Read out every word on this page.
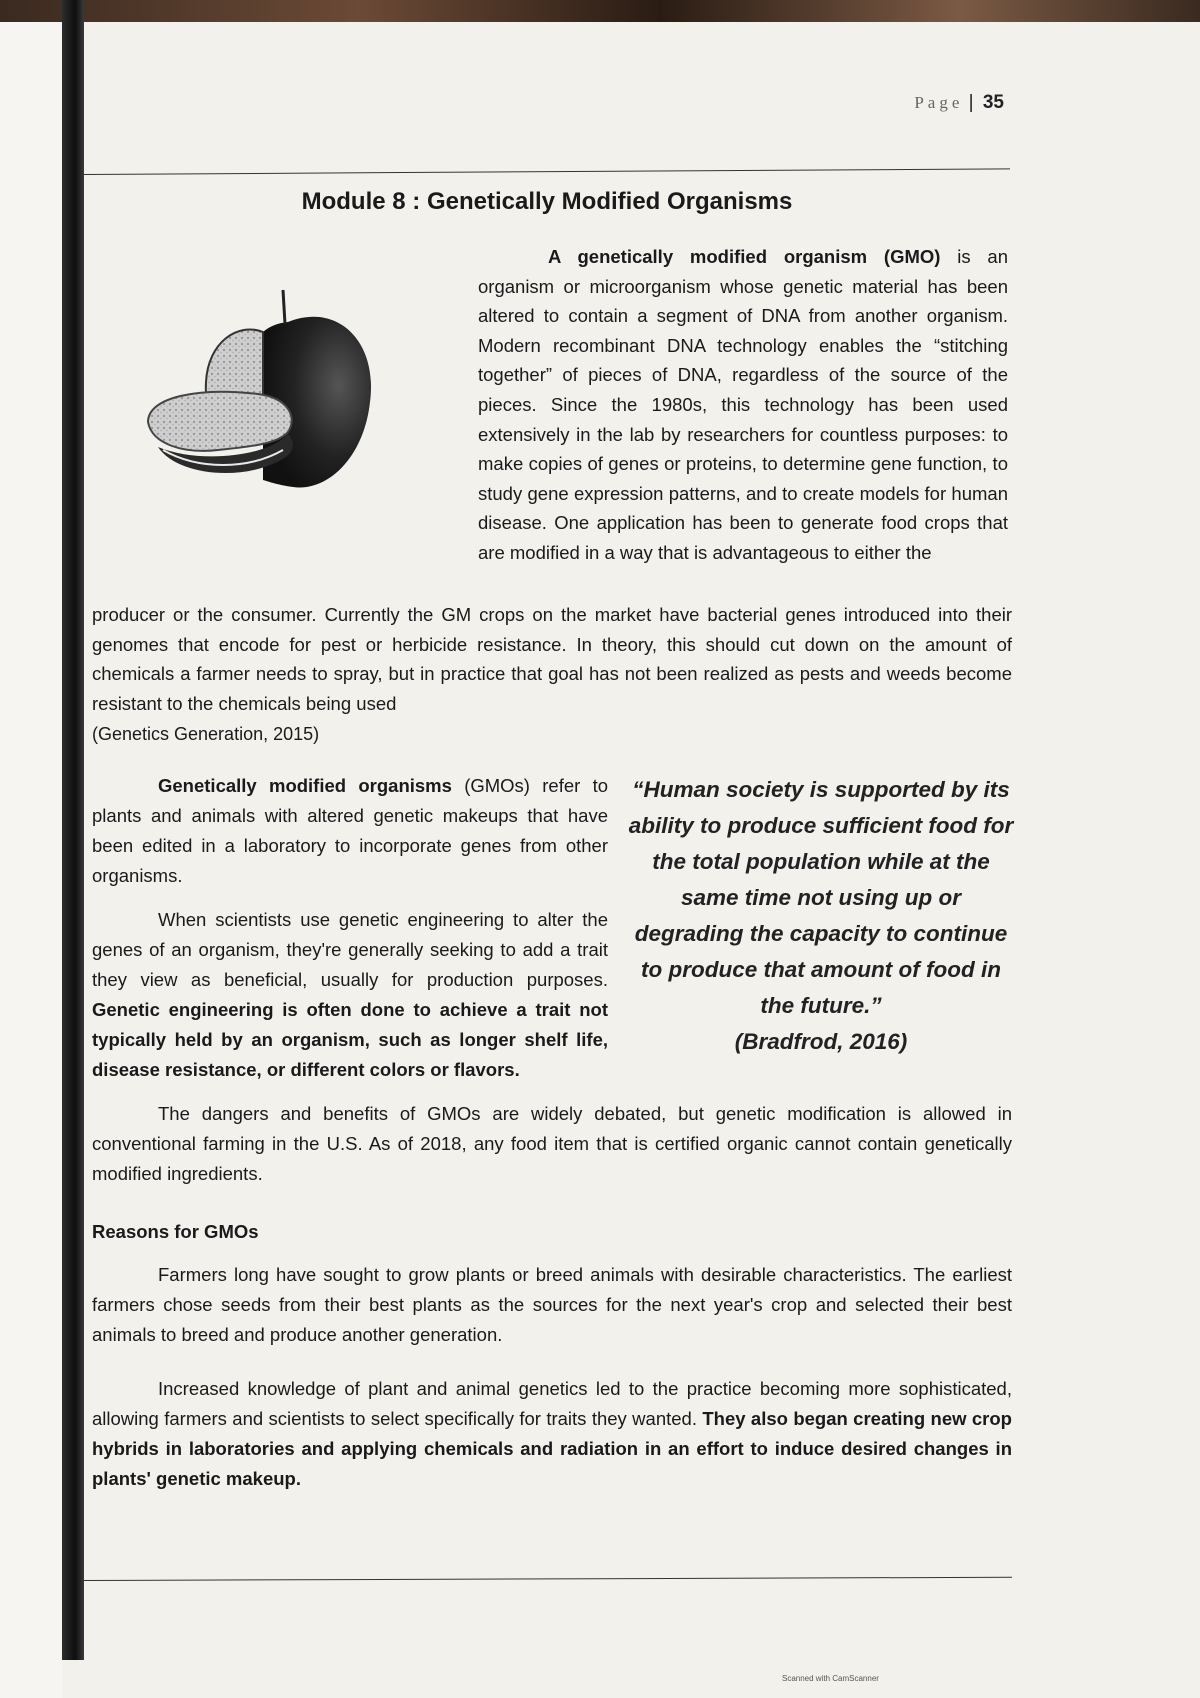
Page | 35
Module 8 : Genetically Modified Organisms

A genetically modified organism (GMO) is an organism or microorganism whose genetic material has been altered to contain a segment of DNA from another organism. Modern recombinant DNA technology enables the “stitching together” of pieces of DNA, regardless of the source of the pieces. Since the 1980s, this technology has been used extensively in the lab by researchers for countless purposes: to make copies of genes or proteins, to determine gene function, to study gene expression patterns, and to create models for human disease. One application has been to generate food crops that are modified in a way that is advantageous to either the

producer or the consumer. Currently the GM crops on the market have bacterial genes introduced into their genomes that encode for pest or herbicide resistance. In theory, this should cut down on the amount of chemicals a farmer needs to spray, but in practice that goal has not been realized as pests and weeds become resistant to the chemicals being used

(Genetics Generation, 2015)

Genetically modified organisms (GMOs) refer to plants and animals with altered genetic makeups that have been edited in a laboratory to incorporate genes from other organisms.

When scientists use genetic engineering to alter the genes of an organism, they're generally seeking to add a trait they view as beneficial, usually for production purposes. Genetic engineering is often done to achieve a trait not typically held by an organism, such as longer shelf life, disease resistance, or different colors or flavors.

“Human society is supported by its ability to produce sufficient food for the total population while at the same time not using up or degrading the capacity to continue to produce that amount of food in the future.”
(Bradfrod, 2016)

The dangers and benefits of GMOs are widely debated, but genetic modification is allowed in conventional farming in the U.S. As of 2018, any food item that is certified organic cannot contain genetically modified ingredients.

Reasons for GMOs

Farmers long have sought to grow plants or breed animals with desirable characteristics. The earliest farmers chose seeds from their best plants as the sources for the next year's crop and selected their best animals to breed and produce another generation.

Increased knowledge of plant and animal genetics led to the practice becoming more sophisticated, allowing farmers and scientists to select specifically for traits they wanted. They also began creating new crop hybrids in laboratories and applying chemicals and radiation in an effort to induce desired changes in plants' genetic makeup.

Scanned with CamScanner
